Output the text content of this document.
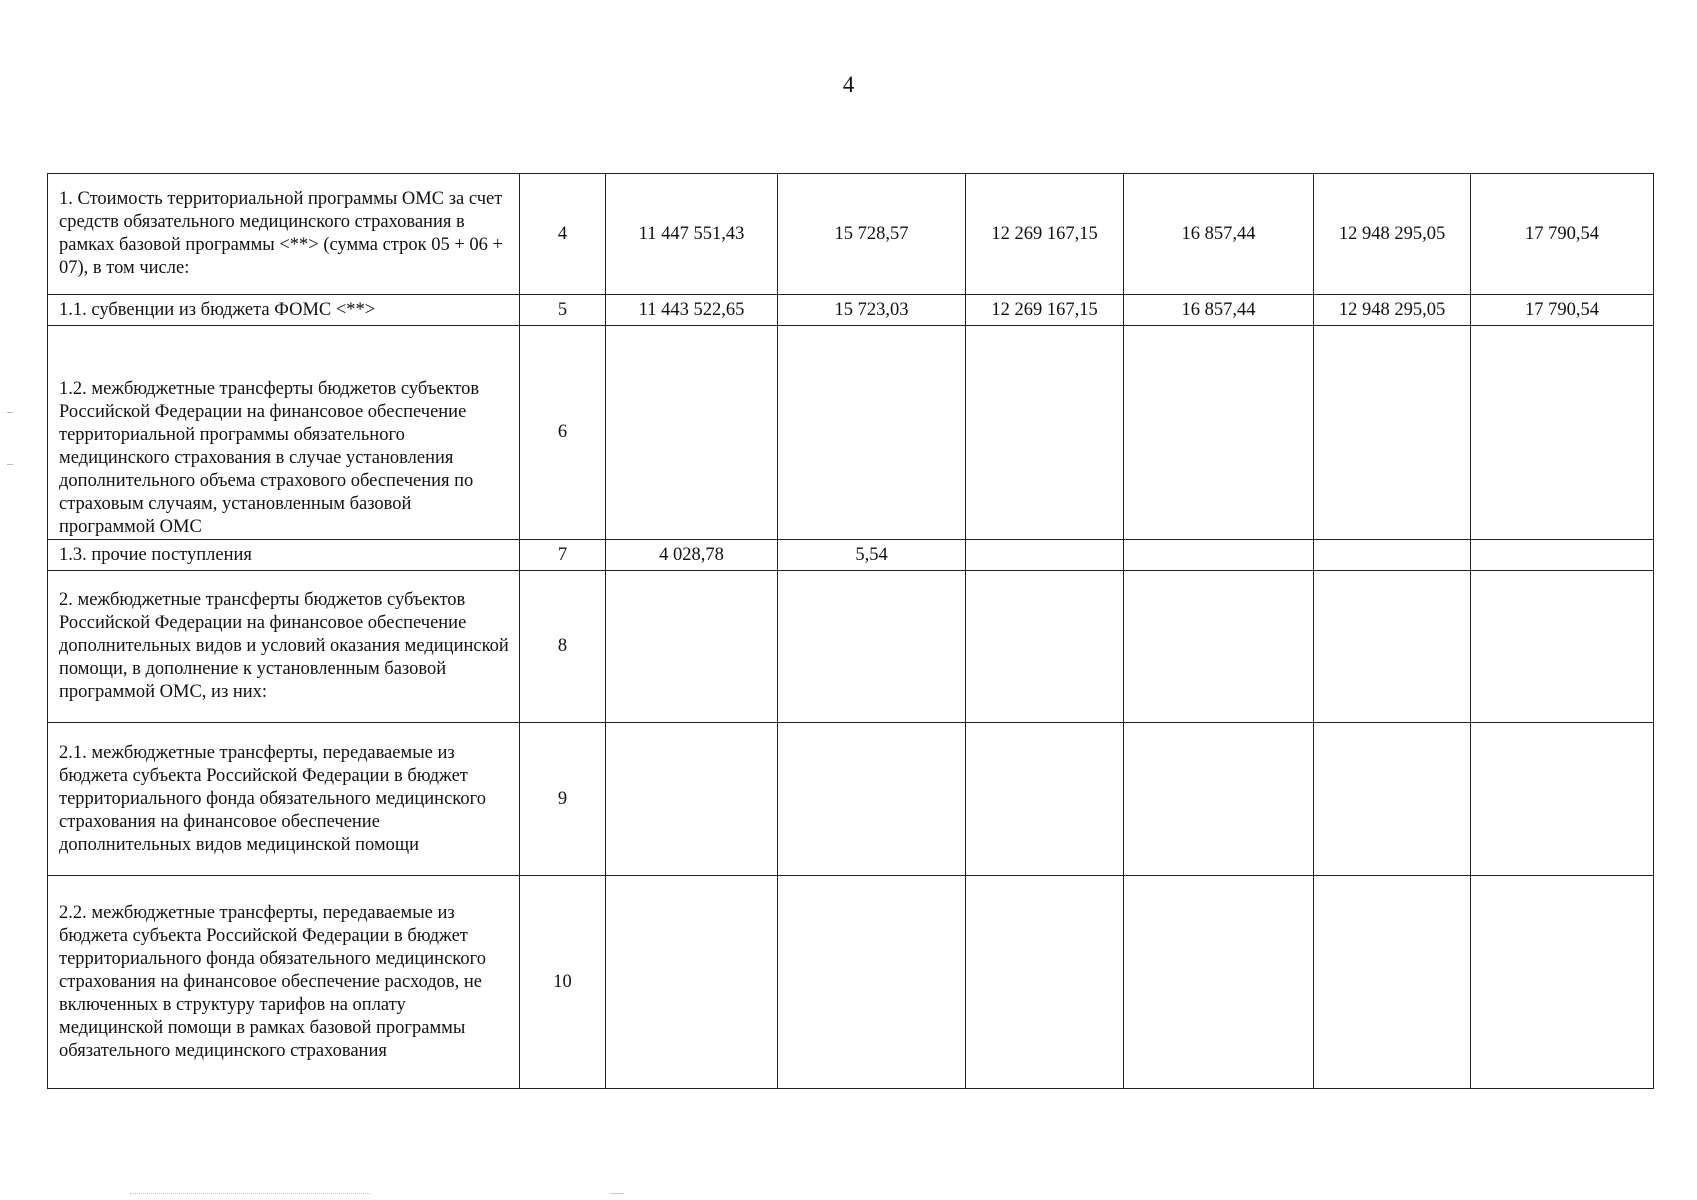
4
1. Стоимость территориальной программы ОМС за счет средств обязательного медицинского страхования в рамках базовой программы <**> (сумма строк 05 + 06 + 07), в том числе:	4	11 447 551,43	15 728,57	12 269 167,15	16 857,44	12 948 295,05	17 790,54
1.1. субвенции из бюджета ФОМС <**>	5	11 443 522,65	15 723,03	12 269 167,15	16 857,44	12 948 295,05	17 790,54
1.2. межбюджетные трансферты бюджетов субъектов Российской Федерации на финансовое обеспечение территориальной программы обязательного медицинского страхования в случае установления дополнительного объема страхового обеспечения по страховым случаям, установленным базовой программой ОМС	6						
1.3. прочие поступления	7	4 028,78	5,54				
2. межбюджетные трансферты бюджетов субъектов Российской Федерации на финансовое обеспечение дополнительных видов и условий оказания медицинской помощи, в дополнение к установленным базовой программой ОМС, из них:	8						
2.1. межбюджетные трансферты, передаваемые из бюджета субъекта Российской Федерации в бюджет территориального фонда обязательного медицинского страхования на финансовое обеспечение дополнительных видов медицинской помощи	9						
2.2. межбюджетные трансферты, передаваемые из бюджета субъекта Российской Федерации в бюджет территориального фонда обязательного медицинского страхования на финансовое обеспечение расходов, не включенных в структуру тарифов на оплату медицинской помощи в рамках базовой программы обязательного медицинского страхования	10						
